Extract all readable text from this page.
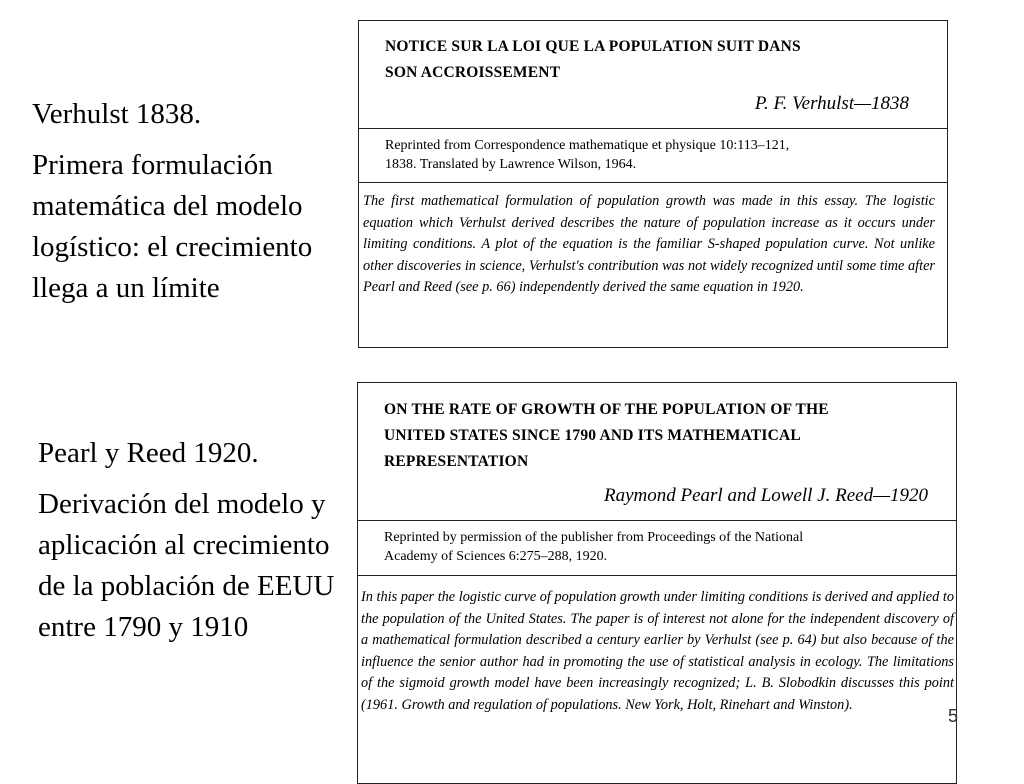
Verhulst 1838.

Primera formulación matemática del modelo logístico: el crecimiento llega a un límite

Pearl y Reed 1920.

Derivación del modelo y aplicación al crecimiento de la población de EEUU entre 1790 y 1910

NOTICE SUR LA LOI QUE LA POPULATION SUIT DANS
SON ACCROISSEMENT
P. F. Verhulst—1838
Reprinted from Correspondence mathematique et physique 10:113–121,
1838. Translated by Lawrence Wilson, 1964.
The first mathematical formulation of population growth was made in this essay. The logistic equation which Verhulst derived describes the nature of population increase as it occurs under limiting conditions. A plot of the equation is the familiar S-shaped population curve. Not unlike other discoveries in science, Verhulst's contribution was not widely recognized until some time after Pearl and Reed (see p. 66) independently derived the same equation in 1920.
ON THE RATE OF GROWTH OF THE POPULATION OF THE
UNITED STATES SINCE 1790 AND ITS MATHEMATICAL
REPRESENTATION
Raymond Pearl and Lowell J. Reed—1920
Reprinted by permission of the publisher from Proceedings of the National
Academy of Sciences 6:275–288, 1920.
In this paper the logistic curve of population growth under limiting conditions is derived and applied to the population of the United States. The paper is of interest not alone for the independent discovery of a mathematical formulation described a century earlier by Verhulst (see p. 64) but also because of the influence the senior author had in promoting the use of statistical analysis in ecology. The limitations of the sigmoid growth model have been increasingly recognized; L. B. Slobodkin discusses this point (1961. Growth and regulation of populations. New York, Holt, Rinehart and Winston).
5
